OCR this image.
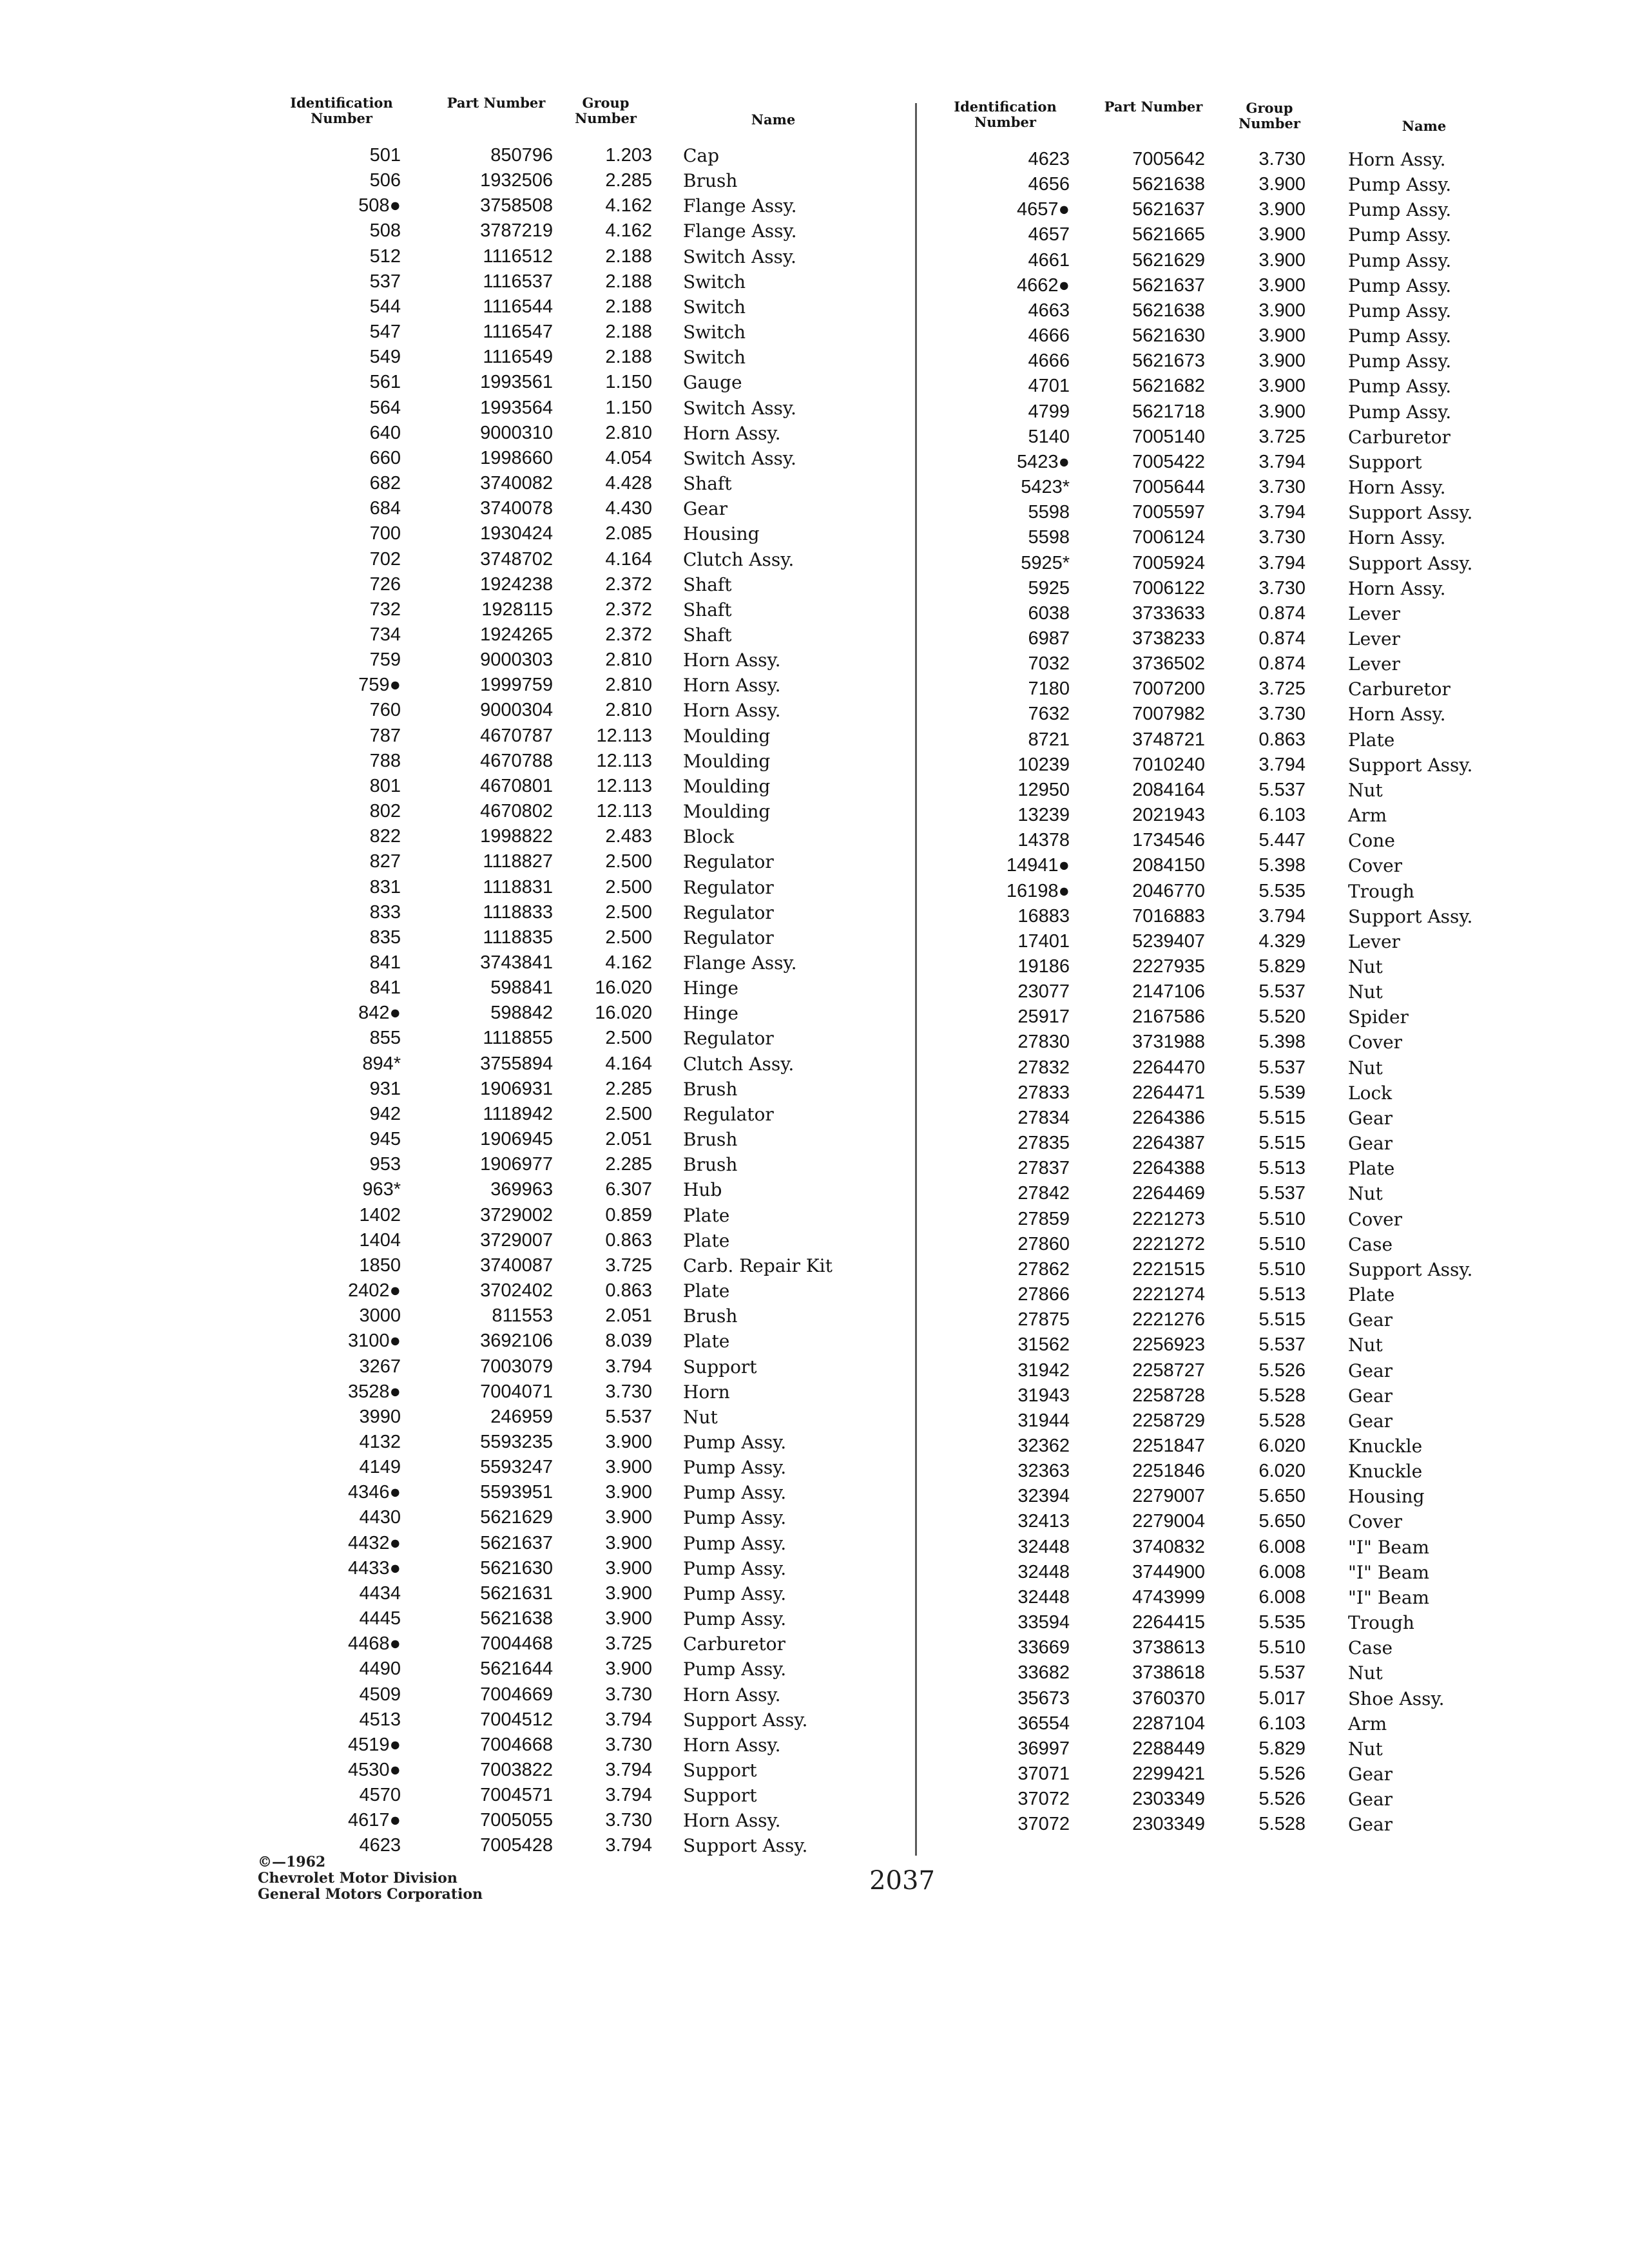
Identification Number
Part Number	Group Number	Name
501	850796	1.203 Cap
506	1932506	2.285 Brush
508●	3758508	4.162 Flange Assy.
508	3787219	4.162 Flange Assy.
512	1116512	2.188 Switch Assy.
537	1116537	2.188 Switch
544	1116544	2.188 Switch
547	1116547	2.188 Switch
549	1116549	2.188 Switch
561	1993561	1.150 Gauge
564	1993564	1.150 Switch Assy.
640	9000310	2.810 Horn Assy.
660	1998660	4.054 Switch Assy.
682	3740082	4.428 Shaft
684	3740078	4.430 Gear
700	1930424	2.085 Housing
702	3748702	4.164 Clutch Assy.
726	1924238	2.372 Shaft
732	1928115	2.372 Shaft
734	1924265	2.372 Shaft
759	9000303	2.810 Horn Assy.
759●	1999759	2.810 Horn Assy.
760	9000304	2.810 Horn Assy.
787	4670787	12.113 Moulding
788	4670788	12.113 Moulding
801	4670801	12.113 Moulding
802	4670802	12.113 Moulding
822	1998822	2.483 Block
827	1118827	2.500 Regulator
831	1118831	2.500 Regulator
833	1118833	2.500 Regulator
835	1118835	2.500 Regulator
841	3743841	4.162 Flange Assy.
841	598841	16.020 Hinge
842●	598842	16.020 Hinge
855	1118855	2.500 Regulator
894*	3755894	4.164 Clutch Assy.
931	1906931	2.285 Brush
942	1118942	2.500 Regulator
945	1906945	2.051 Brush
953	1906977	2.285 Brush
963*	369963	6.307 Hub
1402	3729002	0.859 Plate
1404	3729007	0.863 Plate
1850	3740087	3.725 Carb. Repair Kit
2402●	3702402	0.863 Plate
3000	811553	2.051 Brush
3100●	3692106	8.039 Plate
3267	7003079	3.794 Support
3528●	7004071	3.730 Horn
3990	246959	5.537 Nut
4132	5593235	3.900 Pump Assy.
4149	5593247	3.900 Pump Assy.
4346●	5593951	3.900 Pump Assy.
4430	5621629	3.900 Pump Assy.
4432●	5621637	3.900 Pump Assy.
4433●	5621630	3.900 Pump Assy.
4434	5621631	3.900 Pump Assy.
4445	5621638	3.900 Pump Assy.
4468●	7004468	3.725 Carburetor
4490	5621644	3.900 Pump Assy.
4509	7004669	3.730 Horn Assy.
4513	7004512	3.794 Support Assy.
4519●	7004668	3.730 Horn Assy.
4530●	7003822	3.794 Support
4570	7004571	3.794 Support
4617●	7005055	3.730 Horn Assy.
4623	7005428	3.794 Support Assy.
Identification Number
Part Number	Group Number	Name
4623	7005642	3.730 Horn Assy.
4656	5621638	3.900 Pump Assy.
4657●	5621637	3.900 Pump Assy.
4657	5621665	3.900 Pump Assy.
4661	5621629	3.900 Pump Assy.
4662●	5621637	3.900 Pump Assy.
4663	5621638	3.900 Pump Assy.
4666	5621630	3.900 Pump Assy.
4666	5621673	3.900 Pump Assy.
4701	5621682	3.900 Pump Assy.
4799	5621718	3.900 Pump Assy.
5140	7005140	3.725 Carburetor
5423●	7005422	3.794 Support
5423*	7005644	3.730 Horn Assy.
5598	7005597	3.794 Support Assy.
5598	7006124	3.730 Horn Assy.
5925*	7005924	3.794 Support Assy.
5925	7006122	3.730 Horn Assy.
6038	3733633	0.874 Lever
6987	3738233	0.874 Lever
7032	3736502	0.874 Lever
7180	7007200	3.725 Carburetor
7632	7007982	3.730 Horn Assy.
8721	3748721	0.863 Plate
10239	7010240	3.794 Support Assy.
12950	2084164	5.537 Nut
13239	2021943	6.103 Arm
14378	1734546	5.447 Cone
14941●	2084150	5.398 Cover
16198●	2046770	5.535 Trough
16883	7016883	3.794 Support Assy.
17401	5239407	4.329 Lever
19186	2227935	5.829 Nut
23077	2147106	5.537 Nut
25917	2167586	5.520 Spider
27830	3731988	5.398 Cover
27832	2264470	5.537 Nut
27833	2264471	5.539 Lock
27834	2264386	5.515 Gear
27835	2264387	5.515 Gear
27837	2264388	5.513 Plate
27842	2264469	5.537 Nut
27859	2221273	5.510 Cover
27860	2221272	5.510 Case
27862	2221515	5.510 Support Assy.
27866	2221274	5.513 Plate
27875	2221276	5.515 Gear
31562	2256923	5.537 Nut
31942	2258727	5.526 Gear
31943	2258728	5.528 Gear
31944	2258729	5.528 Gear
32362	2251847	6.020 Knuckle
32363	2251846	6.020 Knuckle
32394	2279007	5.650 Housing
32413	2279004	5.650 Cover
32448	3740832	6.008 "I" Beam
32448	3744900	6.008 "I" Beam
32448	4743999	6.008 "I" Beam
33594	2264415	5.535 Trough
33669	3738613	5.510 Case
33682	3738618	5.537 Nut
35673	3760370	5.017 Shoe Assy.
36554	2287104	6.103 Arm
36997	2288449	5.829 Nut
37071	2299421	5.526 Gear
37072	2303349	5.526 Gear
37072	2303349	5.528 Gear
©—1962
Chevrolet Motor Division
General Motors Corporation	2037
